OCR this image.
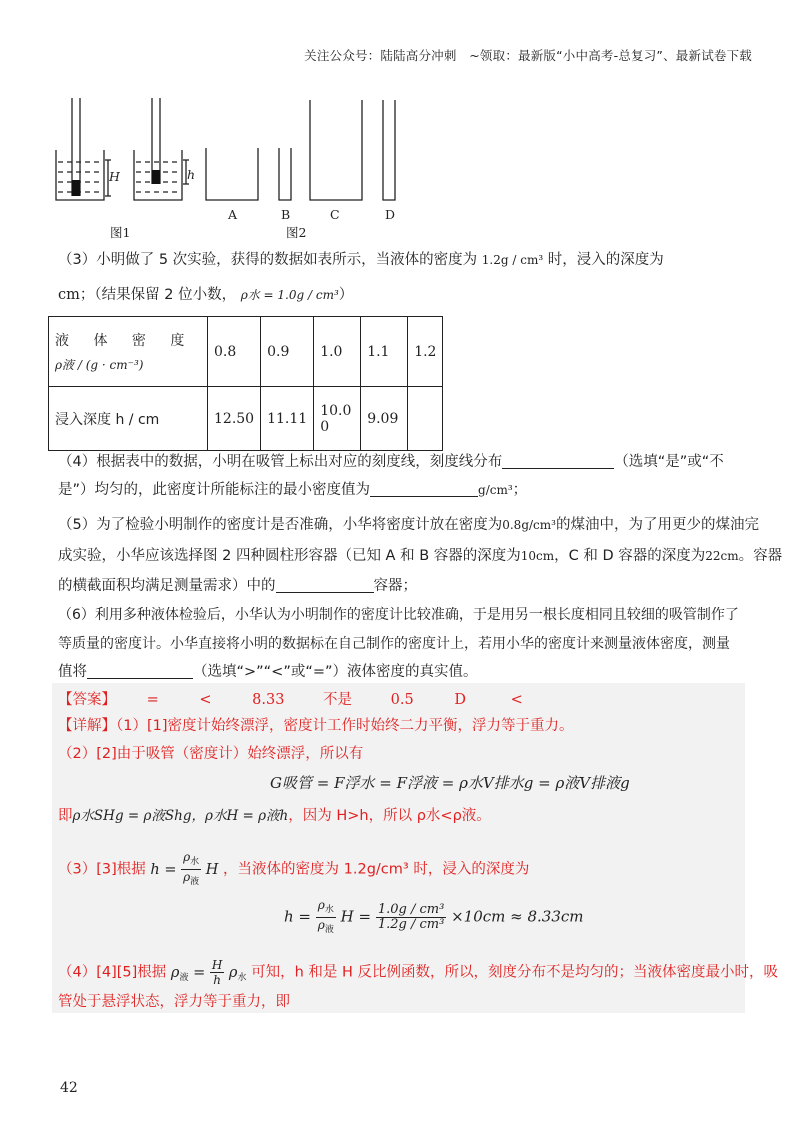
关注公众号：陆陆高分冲刺　~领取：最新版“小中高考-总复习”、最新试卷下载
H	h
A	B	C	D
图1	图2
（3）小明做了 5 次实验，获得的数据如表所示，当液体的密度为 1.2g / cm³ 时，浸入的深度为
cm；（结果保留 2 位小数， ρ水 = 1.0g / cm³）
液 体 密 度
ρ液 / (g · cm⁻³)	0.8	0.9	1.0	1.1	1.2
浸入深度 h / cm	12.50	11.11	10.00	9.09	
（4）根据表中的数据，小明在吸管上标出对应的刻度线，刻度线分布	（选填“是”或“不
是”）均匀的，此密度计所能标注的最小密度值为	g/cm³；
（5）为了检验小明制作的密度计是否准确，小华将密度计放在密度为0.8g/cm³的煤油中，为了用更少的煤油完
成实验，小华应该选择图 2 四种圆柱形容器（已知 A 和 B 容器的深度为10cm，C 和 D 容器的深度为22cm。容器
的横截面积均满足测量需求）中的	容器；
（6）利用多种液体检验后，小华认为小明制作的密度计比较准确，于是用另一根长度相同且较细的吸管制作了
等质量的密度计。小华直接将小明的数据标在自己制作的密度计上，若用小华的密度计来测量液体密度，测量
值将	（选填“>”“<”或“=”）液体密度的真实值。
【答案】 =	<	8.33	不是	0.5	D	<
【详解】（1）[1]密度计始终漂浮，密度计工作时始终二力平衡，浮力等于重力。
（2）[2]由于吸管（密度计）始终漂浮，所以有
G吸管 = F浮水 = F浮液 = ρ水V排水g = ρ液V排液g
即ρ水SHg = ρ液Shg，ρ水H = ρ液h，因为 H>h，所以 ρ水<ρ液。
（3）[3]根据 $h = \frac{\rho_水}{\rho_液}$ H ，当液体的密度为 1.2g/cm³ 时，浸入的深度为
$h = \frac{\rho_水}{\rho_液}$ $H = \frac{\text{1.0g / cm³}}{\text{1.2g / cm³}} \times 10cm \approx 8.33cm$
（4）[4][5]根据 $\rho_液 = \frac{H}{h} \rho_水$ 可知，h 和是 H 反比例函数，所以，刻度分布不是均匀的；当液体密度最小时，吸
管处于悬浮状态，浮力等于重力，即
42
